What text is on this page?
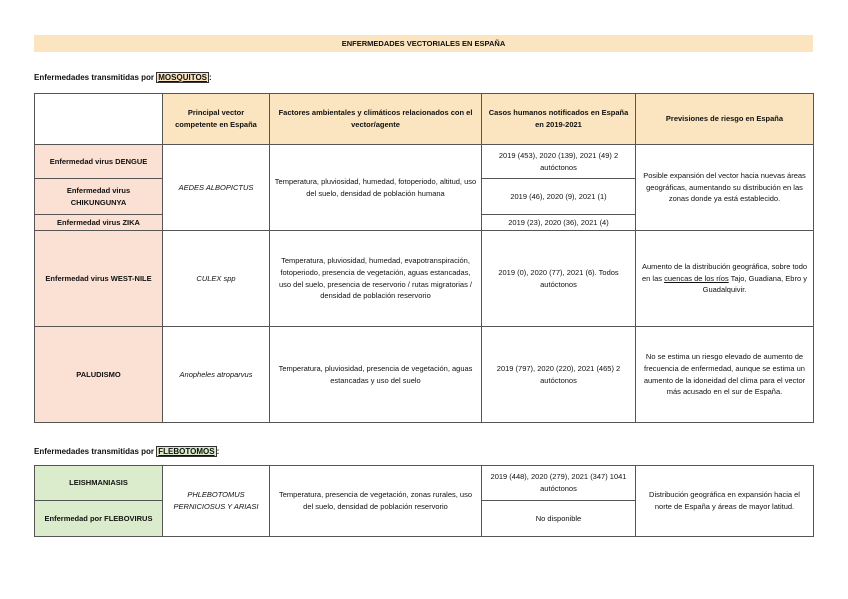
ENFERMEDADES VECTORIALES EN ESPAÑA
Enfermedades transmitidas por MOSQUITOS :
	Principal vector competente en España	Factores ambientales y climáticos relacionados con el vector/agente	Casos humanos notificados en España en 2019-2021	Previsiones de riesgo en España
Enfermedad virus DENGUE	AEDES ALBOPICTUS	Temperatura, pluviosidad, humedad, fotoperiodo, altitud, uso del suelo, densidad de población humana	2019 (453), 2020 (139), 2021 (49) 2 autóctonos	Posible expansión del vector hacia nuevas áreas geográficas, aumentando su distribución en las zonas donde ya está establecido.
Enfermedad virus CHIKUNGUNYA			2019 (46), 2020 (9), 2021 (1)	
Enfermedad virus ZIKA			2019 (23), 2020 (36), 2021 (4)	
Enfermedad virus WEST-NILE	CULEX spp	Temperatura, pluviosidad, humedad, evapotranspiración, fotoperiodo, presencia de vegetación, aguas estancadas, uso del suelo, presencia de reservorio / rutas migratorias / densidad de población reservorio	2019 (0), 2020 (77), 2021 (6). Todos autóctonos	Aumento de la distribución geográfica, sobre todo en las cuencas de los ríos Tajo, Guadiana, Ebro y Guadalquivir.
PALUDISMO	Anopheles atroparvus	Temperatura, pluviosidad, presencia de vegetación, aguas estancadas y uso del suelo	2019 (797), 2020 (220), 2021 (465) 2 autóctonos	No se estima un riesgo elevado de aumento de frecuencia de enfermedad, aunque se estima un aumento de la idoneidad del clima para el vector más acusado en el sur de España.
Enfermedades transmitidas por FLEBOTOMOS :
LEISHMANIASIS	PHLEBOTOMUS PERNICIOSUS Y ARIASI	Temperatura, presencia de vegetación, zonas rurales, uso del suelo, densidad de población reservorio	2019 (448), 2020 (279), 2021 (347) 1041 autóctonos	Distribución geográfica en expansión hacia el norte de España y áreas de mayor latitud.
Enfermedad por FLEBOVIRUS			No disponible	
